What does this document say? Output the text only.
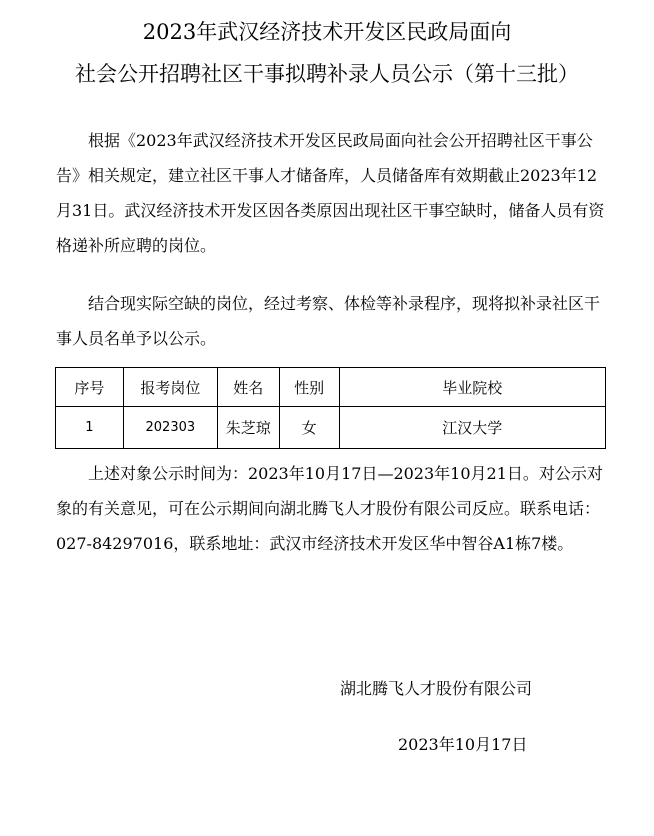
2023年武汉经济技术开发区民政局面向
社会公开招聘社区干事拟聘补录人员公示（第十三批）
根据《2023年武汉经济技术开发区民政局面向社会公开招聘社区干事公告》相关规定，建立社区干事人才储备库，人员储备库有效期截止2023年12月31日。武汉经济技术开发区因各类原因出现社区干事空缺时，储备人员有资格递补所应聘的岗位。
结合现实际空缺的岗位，经过考察、体检等补录程序，现将拟补录社区干事人员名单予以公示。
序号	报考岗位	姓名	性别	毕业院校
1	202303	朱芝琼	女	江汉大学
上述对象公示时间为：2023年10月17日—2023年10月21日。对公示对象的有关意见，可在公示期间向湖北腾飞人才股份有限公司反应。联系电话：027-84297016，联系地址：武汉市经济技术开发区华中智谷A1栋7楼。
湖北腾飞人才股份有限公司
2023年10月17日
